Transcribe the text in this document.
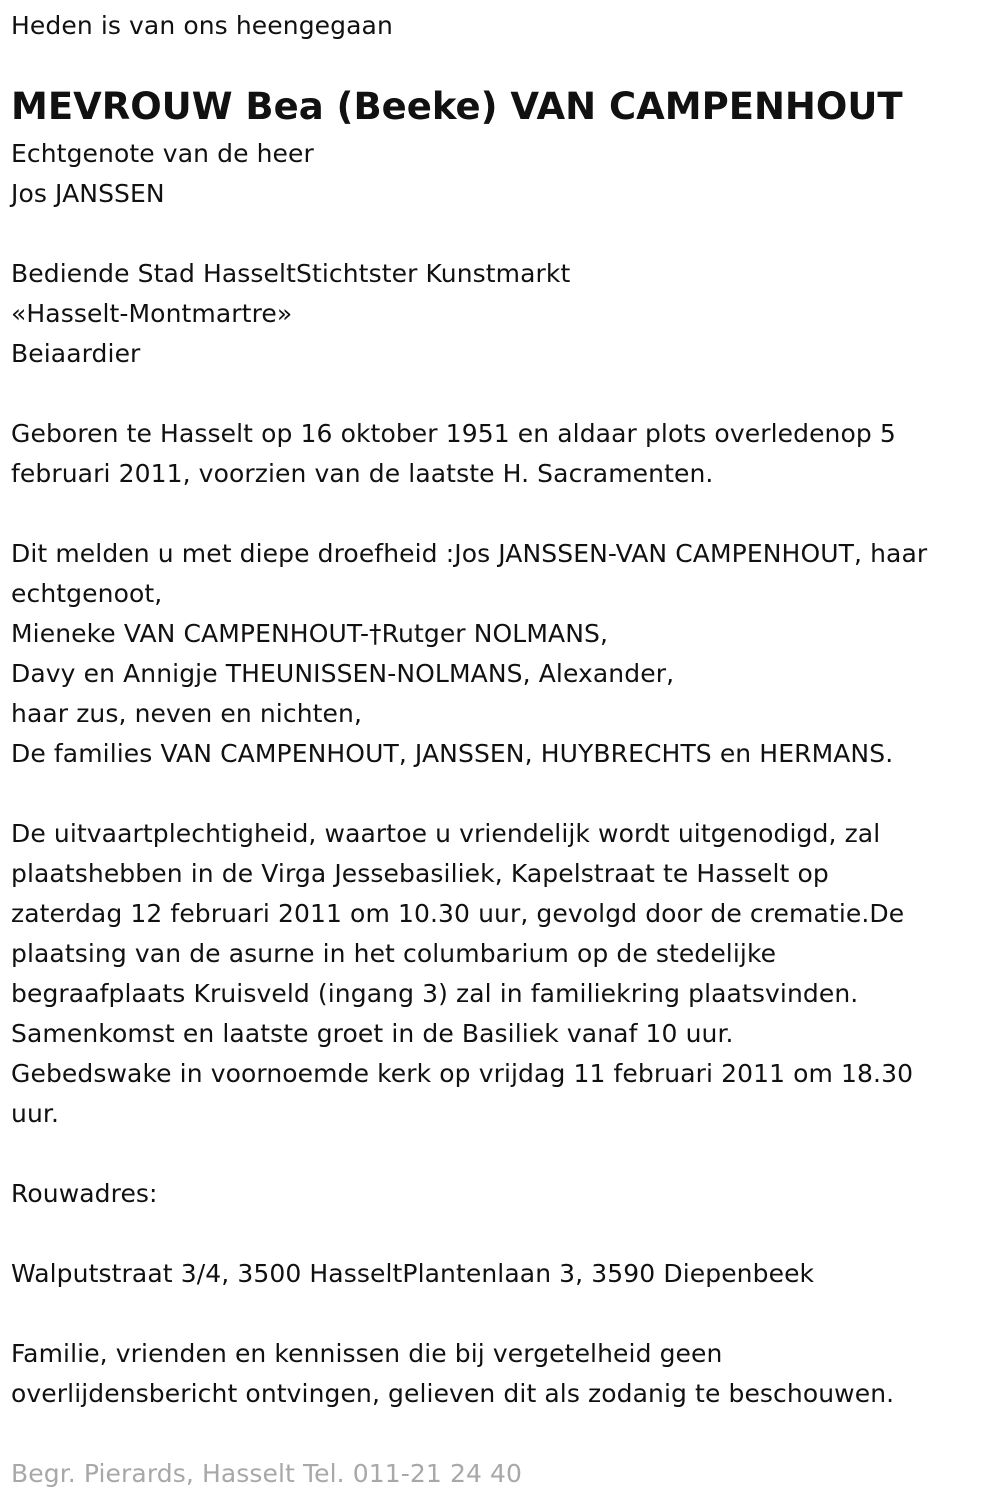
Heden is van ons heengegaan
MEVROUW Bea (Beeke) VAN CAMPENHOUT
Echtgenote van de heer
Jos JANSSEN
Bediende Stad HasseltStichtster Kunstmarkt
«Hasselt-Montmartre»
Beiaardier
Geboren te Hasselt op 16 oktober 1951 en aldaar plots overledenop 5
februari 2011, voorzien van de laatste H. Sacramenten.
Dit melden u met diepe droefheid :Jos JANSSEN-VAN CAMPENHOUT, haar
echtgenoot,
Mieneke VAN CAMPENHOUT-†Rutger NOLMANS,
Davy en Annigje THEUNISSEN-NOLMANS, Alexander,
haar zus, neven en nichten,
De families VAN CAMPENHOUT, JANSSEN, HUYBRECHTS en HERMANS.
De uitvaartplechtigheid, waartoe u vriendelijk wordt uitgenodigd, zal
plaatshebben in de Virga Jessebasiliek, Kapelstraat te Hasselt op
zaterdag 12 februari 2011 om 10.30 uur, gevolgd door de crematie.De
plaatsing van de asurne in het columbarium op de stedelijke
begraafplaats Kruisveld (ingang 3) zal in familiekring plaatsvinden.
Samenkomst en laatste groet in de Basiliek vanaf 10 uur.
Gebedswake in voornoemde kerk op vrijdag 11 februari 2011 om 18.30
uur.
Rouwadres:
Walputstraat 3/4, 3500 HasseltPlantenlaan 3, 3590 Diepenbeek
Familie, vrienden en kennissen die bij vergetelheid geen
overlijdensbericht ontvingen, gelieven dit als zodanig te beschouwen.
Begr. Pierards, Hasselt Tel. 011-21 24 40
